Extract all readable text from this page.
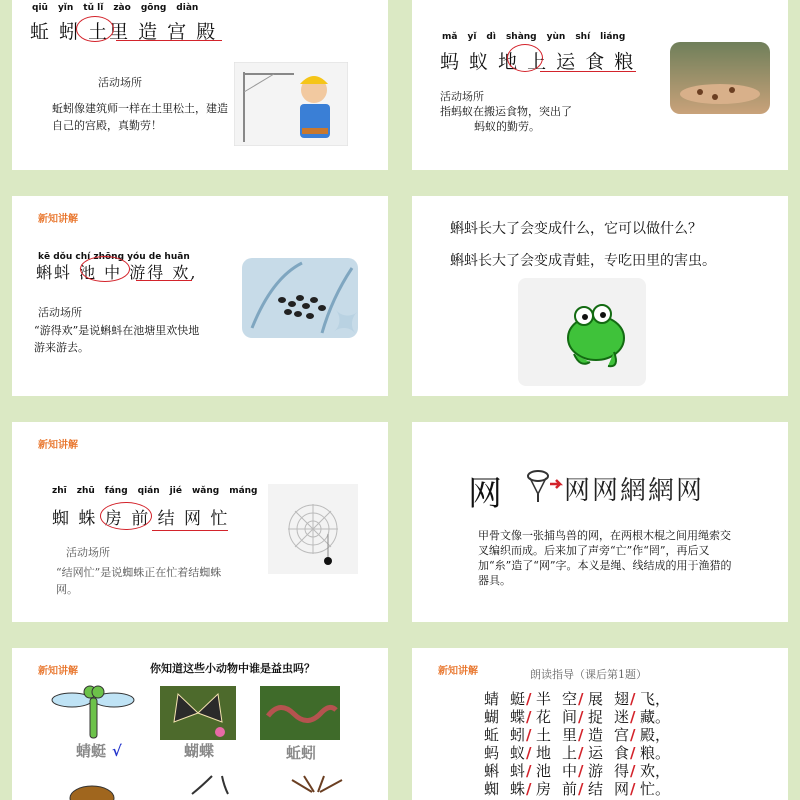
qiū yǐn tǔ lǐ zào gōng diàn
蚯 蚓 土里 造 宫 殿
活动场所
蚯蚓像建筑师一样在土里松土，建造自己的宫殿，真勤劳！
mǎ yǐ dì shàng yùn shí liáng
蚂 蚁 地 上 运 食 粮
活动场所
指蚂蚁在搬运食物，突出了
蚂蚁的勤劳。
新知讲解
kē dǒu chí zhōng yóu de huān
蝌蚪 池 中 游得 欢,
活动场所
“游得欢”是说蝌蚪在池塘里欢快地游来游去。
蝌蚪长大了会变成什么，它可以做什么？
蝌蚪长大了会变成青蛙，专吃田里的害虫。
新知讲解
zhī zhū fáng qián jié wǎng máng
蜘 蛛 房 前 结 网 忙
活动场所
“结网忙”是说蜘蛛正在忙着结蜘蛛网。
网 网网網網网
甲骨文像一张捕鸟兽的网，在两根木棍之间用绳索交叉编织而成。后来加了声旁“亡”作“罔”，再后又加“糸”造了“网”字。本义是绳、线结成的用于渔猎的器具。
新知讲解	你知道这些小动物中谁是益虫吗？
蜻蜓 √	蝴蝶	蚯蚓
新知讲解	朗读指导（课后第1题）
蜻 蜓/ 半 空/ 展 翅/ 飞，
蝴 蝶/ 花 间/ 捉 迷/ 藏。
蚯 蚓/ 土 里/ 造 宫/ 殿，
蚂 蚁/ 地 上/ 运 食/ 粮。
蝌 蚪/ 池 中/ 游 得/ 欢，
蜘 蛛/ 房 前/ 结 网/ 忙。
